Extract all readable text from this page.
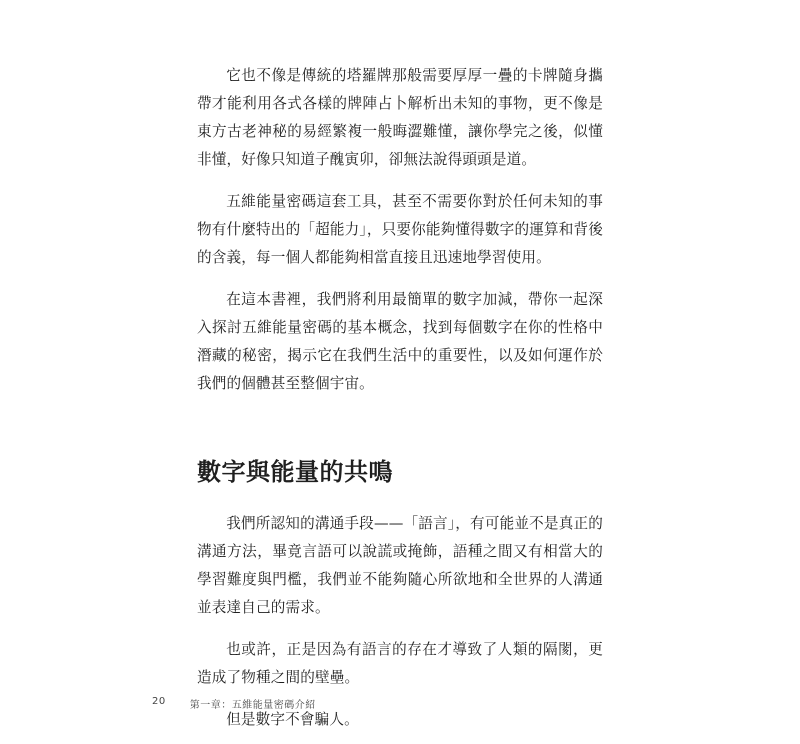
它也不像是傳統的塔羅牌那般需要厚厚一疊的卡牌隨身攜帶才能利用各式各樣的牌陣占卜解析出未知的事物，更不像是東方古老神秘的易經繁複一般晦澀難懂，讓你學完之後，似懂非懂，好像只知道子醜寅卯，卻無法說得頭頭是道。

五維能量密碼這套工具，甚至不需要你對於任何未知的事物有什麼特出的「超能力」，只要你能夠懂得數字的運算和背後的含義，每一個人都能夠相當直接且迅速地學習使用。

在這本書裡，我們將利用最簡單的數字加減，帶你一起深入探討五維能量密碼的基本概念，找到每個數字在你的性格中潛藏的秘密，揭示它在我們生活中的重要性，以及如何運作於我們的個體甚至整個宇宙。

數字與能量的共鳴

我們所認知的溝通手段——「語言」，有可能並不是真正的溝通方法，畢竟言語可以說謊或掩飾，語種之間又有相當大的學習難度與門檻，我們並不能夠隨心所欲地和全世界的人溝通並表達自己的需求。

也或許，正是因為有語言的存在才導致了人類的隔閡，更造成了物種之間的壁壘。

但是數字不會騙人。

20 第一章：五維能量密碼介紹
